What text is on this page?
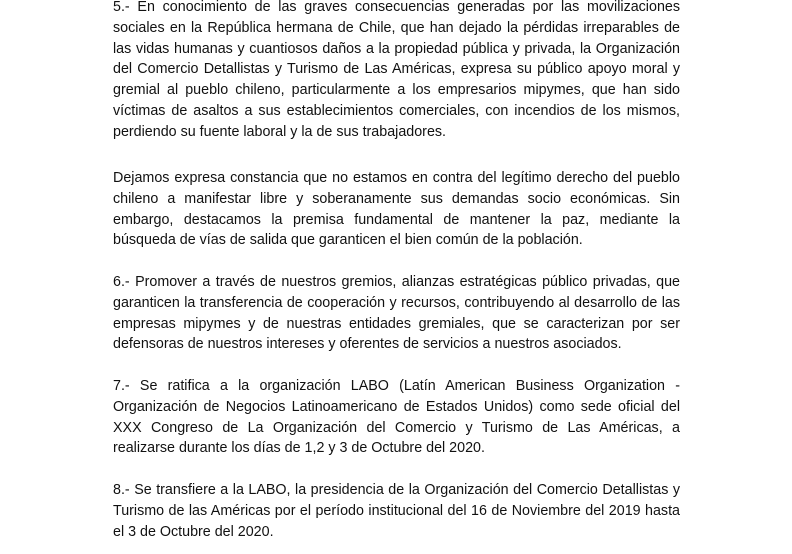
5.- En conocimiento de las graves consecuencias generadas por las movilizaciones sociales en la República hermana de Chile, que han dejado la pérdidas irreparables de las vidas humanas y cuantiosos daños a la propiedad pública y privada, la Organización del Comercio Detallistas y Turismo de Las Américas, expresa su público apoyo moral y gremial al pueblo chileno, particularmente a los empresarios mipymes, que han sido víctimas de asaltos a sus establecimientos comerciales, con incendios de los mismos, perdiendo su fuente laboral y la de sus trabajadores.

Dejamos expresa constancia que no estamos en contra del legítimo derecho del pueblo chileno a manifestar libre y soberanamente sus demandas socio económicas. Sin embargo, destacamos la premisa fundamental de mantener la paz, mediante la búsqueda de vías de salida que garanticen el bien común de la población.

6.- Promover a través de nuestros gremios, alianzas estratégicas público privadas, que garanticen la transferencia de cooperación y recursos, contribuyendo al desarrollo de las empresas mipymes y de nuestras entidades gremiales, que se caracterizan por ser defensoras de nuestros intereses y oferentes de servicios a nuestros asociados.

7.- Se ratifica a la organización LABO (Latín American Business Organization - Organización de Negocios Latinoamericano de Estados Unidos) como sede oficial del XXX Congreso de La Organización del Comercio y Turismo de Las Américas, a realizarse durante los días de 1,2 y 3 de Octubre del 2020.

8.- Se transfiere a la LABO, la presidencia de la Organización del Comercio Detallistas y Turismo de las Américas por el período institucional del 16 de Noviembre del 2019 hasta el 3 de Octubre del 2020.
